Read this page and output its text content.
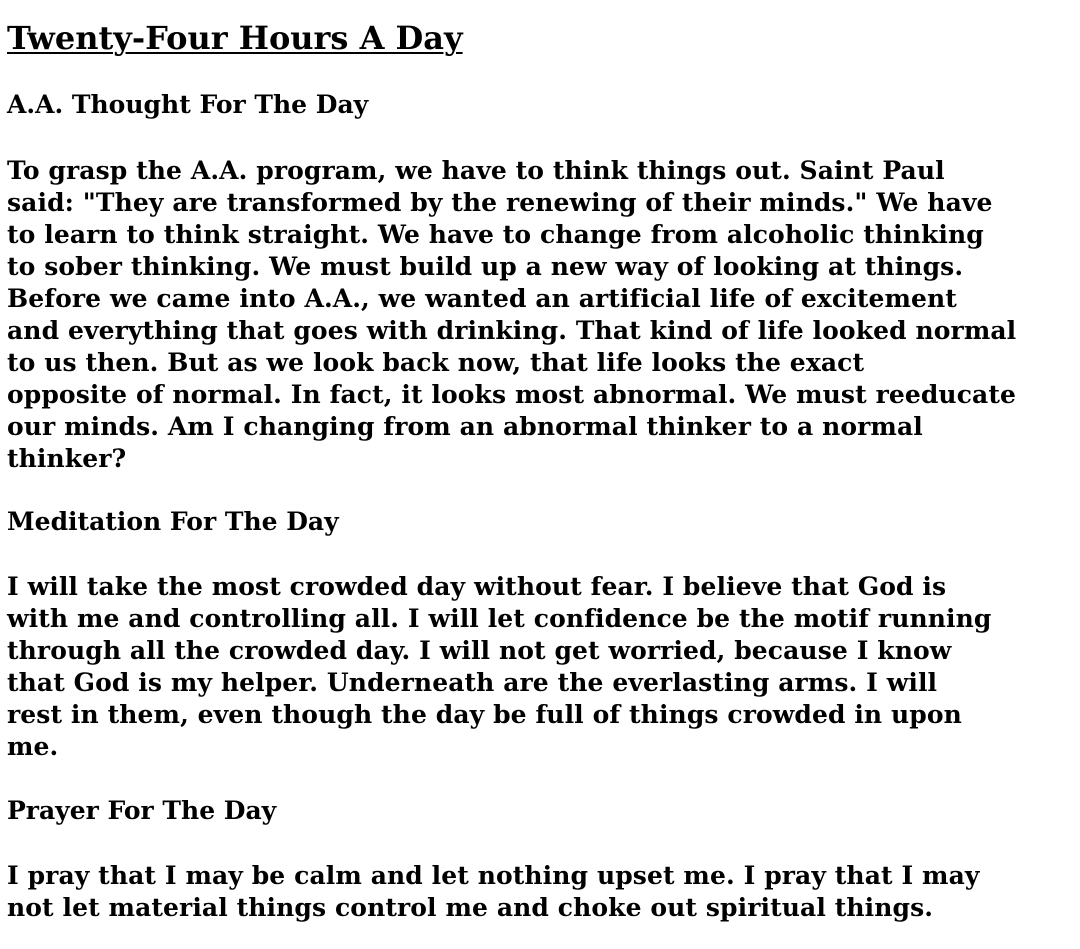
Twenty-Four Hours A Day
A.A. Thought For The Day
To grasp the A.A. program, we have to think things out. Saint Paul
said: "They are transformed by the renewing of their minds." We have
to learn to think straight. We have to change from alcoholic thinking
to sober thinking. We must build up a new way of looking at things.
Before we came into A.A., we wanted an artificial life of excitement
and everything that goes with drinking. That kind of life looked normal
to us then. But as we look back now, that life looks the exact
opposite of normal. In fact, it looks most abnormal. We must reeducate
our minds. Am I changing from an abnormal thinker to a normal
thinker?
Meditation For The Day
I will take the most crowded day without fear. I believe that God is
with me and controlling all. I will let confidence be the motif running
through all the crowded day. I will not get worried, because I know
that God is my helper. Underneath are the everlasting arms. I will
rest in them, even though the day be full of things crowded in upon
me.
Prayer For The Day
I pray that I may be calm and let nothing upset me. I pray that I may
not let material things control me and choke out spiritual things.
